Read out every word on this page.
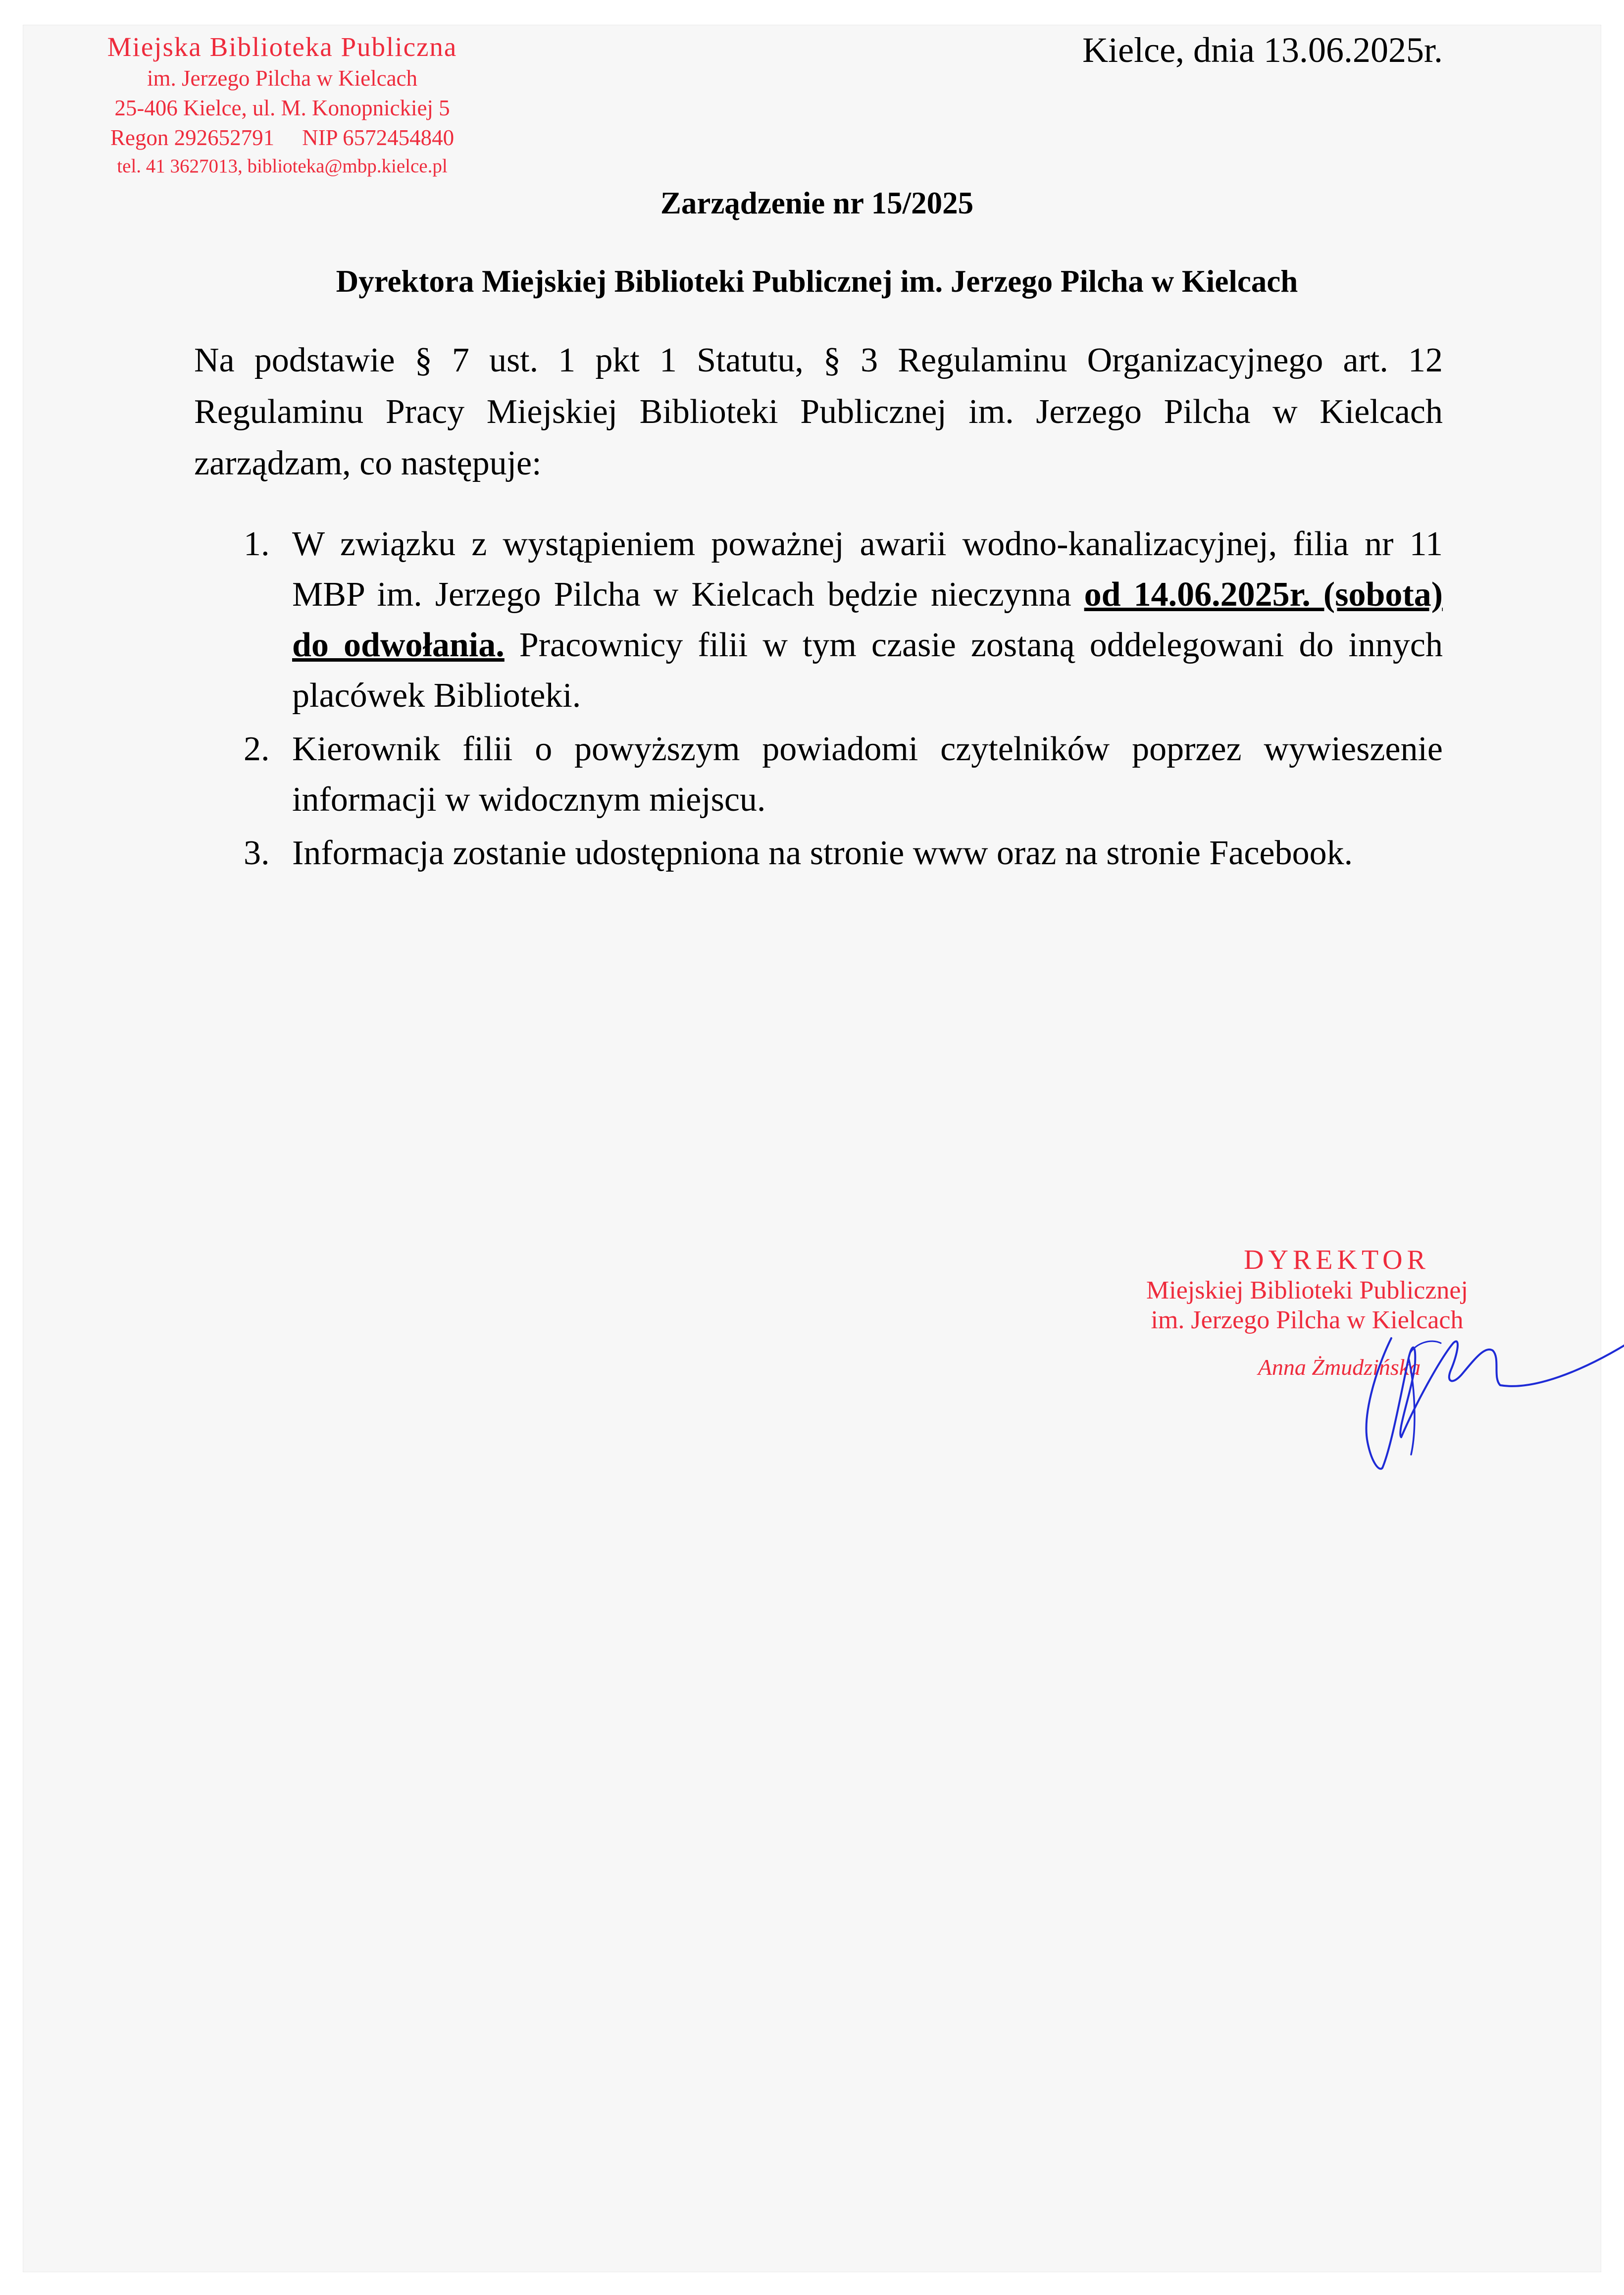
Miejska Biblioteka Publiczna
im. Jerzego Pilcha w Kielcach
25-406 Kielce, ul. M. Konopnickiej 5
Regon 292652791 NIP 6572454840
tel. 41 3627013, biblioteka@mbp.kielce.pl
Kielce, dnia 13.06.2025r.
Zarządzenie nr 15/2025
Dyrektora Miejskiej Biblioteki Publicznej im. Jerzego Pilcha w Kielcach
Na podstawie § 7 ust. 1 pkt 1 Statutu, § 3 Regulaminu Organizacyjnego art. 12 Regulaminu Pracy Miejskiej Biblioteki Publicznej im. Jerzego Pilcha w Kielcach zarządzam, co następuje:
1. W związku z wystąpieniem poważnej awarii wodno-kanalizacyjnej, filia nr 11 MBP im. Jerzego Pilcha w Kielcach będzie nieczynna od 14.06.2025r. (sobota) do odwołania. Pracownicy filii w tym czasie zostaną oddelegowani do innych placówek Biblioteki.
2. Kierownik filii o powyższym powiadomi czytelników poprzez wywieszenie informacji w widocznym miejscu.
3. Informacja zostanie udostępniona na stronie www oraz na stronie Facebook.
DYREKTOR
Miejskiej Biblioteki Publicznej
im. Jerzego Pilcha w Kielcach
Anna Żmudzińska
